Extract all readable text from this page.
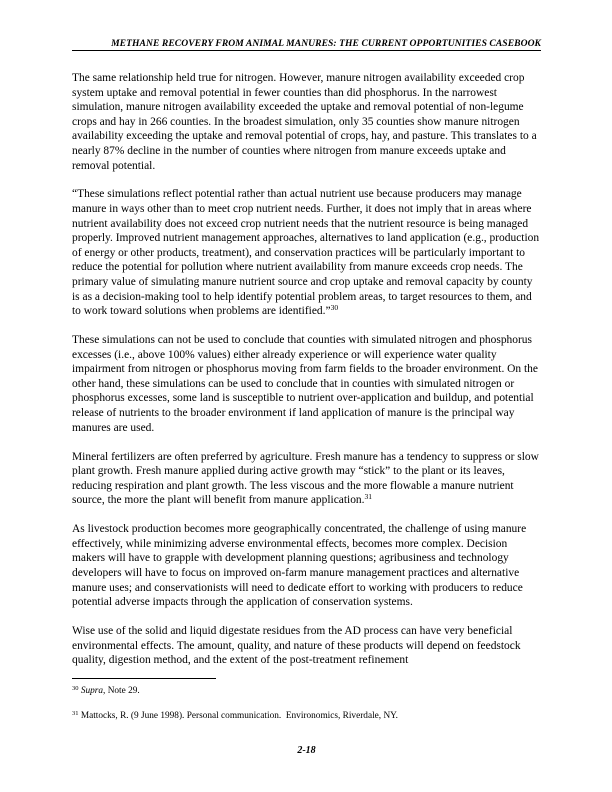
METHANE RECOVERY FROM ANIMAL MANURES: THE CURRENT OPPORTUNITIES CASEBOOK

The same relationship held true for nitrogen. However, manure nitrogen availability exceeded crop system uptake and removal potential in fewer counties than did phosphorus. In the narrowest simulation, manure nitrogen availability exceeded the uptake and removal potential of non-legume crops and hay in 266 counties. In the broadest simulation, only 35 counties show manure nitrogen availability exceeding the uptake and removal potential of crops, hay, and pasture. This translates to a nearly 87% decline in the number of counties where nitrogen from manure exceeds uptake and removal potential.

“These simulations reflect potential rather than actual nutrient use because producers may manage manure in ways other than to meet crop nutrient needs. Further, it does not imply that in areas where nutrient availability does not exceed crop nutrient needs that the nutrient resource is being managed properly. Improved nutrient management approaches, alternatives to land application (e.g., production of energy or other products, treatment), and conservation practices will be particularly important to reduce the potential for pollution where nutrient availability from manure exceeds crop needs. The primary value of simulating manure nutrient source and crop uptake and removal capacity by county is as a decision-making tool to help identify potential problem areas, to target resources to them, and to work toward solutions when problems are identified.”$^{30}$

These simulations can not be used to conclude that counties with simulated nitrogen and phosphorus excesses (i.e., above 100% values) either already experience or will experience water quality impairment from nitrogen or phosphorus moving from farm fields to the broader environment. On the other hand, these simulations can be used to conclude that in counties with simulated nitrogen or phosphorus excesses, some land is susceptible to nutrient over-application and buildup, and potential release of nutrients to the broader environment if land application of manure is the principal way manures are used.

Mineral fertilizers are often preferred by agriculture. Fresh manure has a tendency to suppress or slow plant growth. Fresh manure applied during active growth may “stick” to the plant or its leaves, reducing respiration and plant growth. The less viscous and the more flowable a manure nutrient source, the more the plant will benefit from manure application.$^{31}$

As livestock production becomes more geographically concentrated, the challenge of using manure effectively, while minimizing adverse environmental effects, becomes more complex. Decision makers will have to grapple with development planning questions; agribusiness and technology developers will have to focus on improved on-farm manure management practices and alternative manure uses; and conservationists will need to dedicate effort to working with producers to reduce potential adverse impacts through the application of conservation systems.

Wise use of the solid and liquid digestate residues from the AD process can have very beneficial environmental effects. The amount, quality, and nature of these products will depend on feedstock quality, digestion method, and the extent of the post-treatment refinement

$^{30}$ Supra, Note 29.
$^{31}$ Mattocks, R. (9 June 1998). Personal communication.  Environomics, Riverdale, NY.
2-18
